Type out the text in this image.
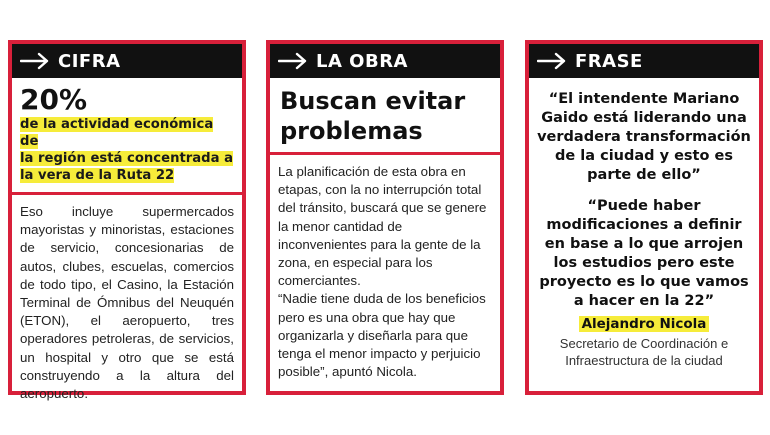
CIFRA
20%
de la actividad económica de
la región está concentrada a
la vera de la Ruta 22
Eso incluye supermercados mayoristas y minoristas, estaciones de servicio, concesionarias de autos, clubes, escuelas, comercios de todo tipo, el Casino, la Estación Terminal de Ómnibus del Neuquén (ETON), el aeropuerto, tres operadores petroleras, de servicios, un hospital y otro que se está construyendo a la altura del aeropuerto.
LA OBRA
Buscan evitar problemas

La planificación de esta obra en etapas, con la no interrupción total del tránsito, buscará que se genere la menor cantidad de inconvenientes para la gente de la zona, en especial para los comerciantes.

“Nadie tiene duda de los beneficios pero es una obra que hay que organizarla y diseñarla para que tenga el menor impacto y perjuicio posible”, apuntó Nicola.

FRASE
“El intendente Mariano Gaido está liderando una verdadera transformación de la ciudad y esto es parte de ello”
“Puede haber modificaciones a definir en base a lo que arrojen los estudios pero este proyecto es lo que vamos a hacer en la 22”
Alejandro Nicola
Secretario de Coordinación e Infraestructura de la ciudad
